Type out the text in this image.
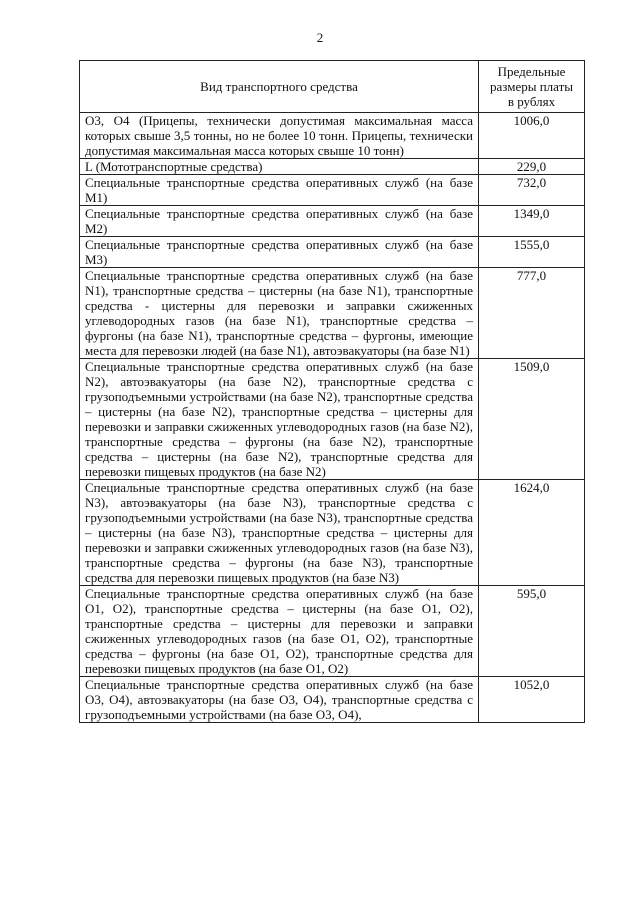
2
Вид транспортного средства	Предельные
размеры платы
в рублях

О3, О4 (Прицепы, технически допустимая максимальная масса которых свыше 3,5 тонны, но не более 10 тонн. Прицепы, технически допустимая максимальная масса которых свыше 10 тонн)	1006,0
L (Мототранспортные средства)	229,0
Специальные транспортные средства оперативных служб (на базе М1)	732,0
Специальные транспортные средства оперативных служб (на базе М2)	1349,0
Специальные транспортные средства оперативных служб (на базе М3)	1555,0
Специальные транспортные средства оперативных служб (на базе N1), транспортные средства – цистерны (на базе N1), транспортные средства - цистерны для перевозки и заправки сжиженных углеводородных газов (на базе N1), транспортные средства – фургоны (на базе N1), транспортные средства – фургоны, имеющие места для перевозки людей (на базе N1), автоэвакуаторы (на базе N1)	777,0
Специальные транспортные средства оперативных служб (на базе N2), автоэвакуаторы (на базе N2), транспортные средства с грузоподъемными устройствами (на базе N2), транспортные средства – цистерны (на базе N2), транспортные средства – цистерны для перевозки и заправки сжиженных углеводородных газов (на базе N2), транспортные средства – фургоны (на базе N2), транспортные средства – цистерны (на базе N2), транспортные средства для перевозки пищевых продуктов (на базе N2)	1509,0
Специальные транспортные средства оперативных служб (на базе N3), автоэвакуаторы (на базе N3), транспортные средства с грузоподъемными устройствами (на базе N3), транспортные средства – цистерны (на базе N3), транспортные средства – цистерны для перевозки и заправки сжиженных углеводородных газов (на базе N3), транспортные средства – фургоны (на базе N3), транспортные средства для перевозки пищевых продуктов (на базе N3)	1624,0
Специальные транспортные средства оперативных служб (на базе О1, О2), транспортные средства – цистерны (на базе О1, О2), транспортные средства – цистерны для перевозки и заправки сжиженных углеводородных газов (на базе О1, О2), транспортные средства – фургоны (на базе О1, О2), транспортные средства для перевозки пищевых продуктов (на базе О1, О2)	595,0
Специальные транспортные средства оперативных служб (на базе О3, О4), автоэвакуаторы (на базе О3, О4), транспортные средства с грузоподъемными устройствами (на базе О3, О4),	1052,0
